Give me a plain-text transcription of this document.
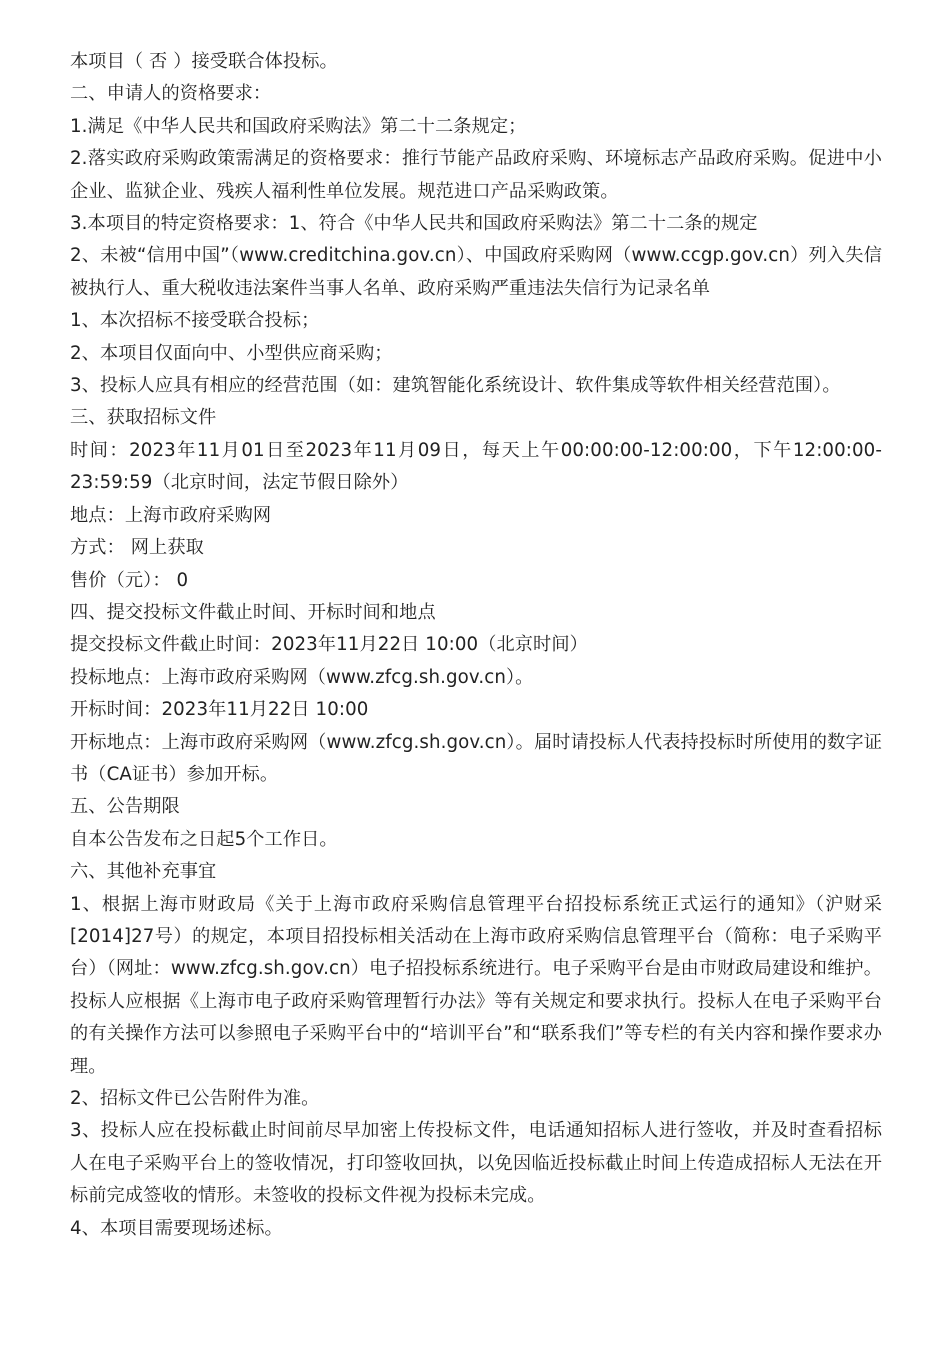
本项目（ 否 ）接受联合体投标。

二、申请人的资格要求：

1.满足《中华人民共和国政府采购法》第二十二条规定；

2.落实政府采购政策需满足的资格要求：推行节能产品政府采购、环境标志产品政府采购。促进中小企业、监狱企业、残疾人福利性单位发展。规范进口产品采购政策。

3.本项目的特定资格要求：1、符合《中华人民共和国政府采购法》第二十二条的规定

2、未被“信用中国”（www.creditchina.gov.cn）、中国政府采购网（www.ccgp.gov.cn）列入失信被执行人、重大税收违法案件当事人名单、政府采购严重违法失信行为记录名单

1、本次招标不接受联合投标；

2、本项目仅面向中、小型供应商采购；

3、投标人应具有相应的经营范围（如：建筑智能化系统设计、软件集成等软件相关经营范围）。

三、获取招标文件

时间：2023年11月01日至2023年11月09日，每天上午00:00:00-12:00:00，下午12:00:00-23:59:59（北京时间，法定节假日除外）

地点：上海市政府采购网

方式： 网上获取

售价（元）： 0

四、提交投标文件截止时间、开标时间和地点

提交投标文件截止时间：2023年11月22日 10:00（北京时间）

投标地点：上海市政府采购网（www.zfcg.sh.gov.cn）。

开标时间：2023年11月22日 10:00

开标地点：上海市政府采购网（www.zfcg.sh.gov.cn）。届时请投标人代表持投标时所使用的数字证书（CA证书）参加开标。

五、公告期限

自本公告发布之日起5个工作日。

六、其他补充事宜

1、根据上海市财政局《关于上海市政府采购信息管理平台招投标系统正式运行的通知》（沪财采[2014]27号）的规定，本项目招投标相关活动在上海市政府采购信息管理平台（简称：电子采购平台）（网址：www.zfcg.sh.gov.cn）电子招投标系统进行。电子采购平台是由市财政局建设和维护。投标人应根据《上海市电子政府采购管理暂行办法》等有关规定和要求执行。投标人在电子采购平台的有关操作方法可以参照电子采购平台中的“培训平台”和“联系我们”等专栏的有关内容和操作要求办理。

2、招标文件已公告附件为准。

3、投标人应在投标截止时间前尽早加密上传投标文件，电话通知招标人进行签收，并及时查看招标人在电子采购平台上的签收情况，打印签收回执，以免因临近投标截止时间上传造成招标人无法在开标前完成签收的情形。未签收的投标文件视为投标未完成。

4、本项目需要现场述标。
